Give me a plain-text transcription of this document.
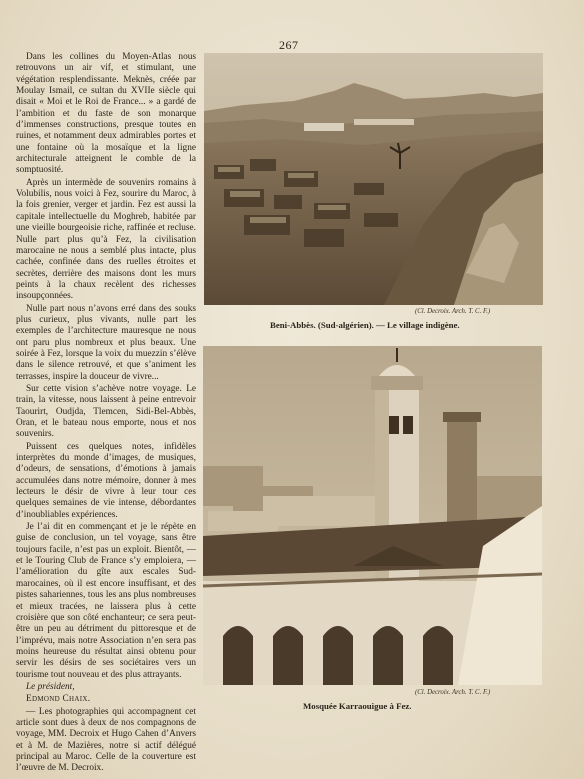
267

Dans les collines du Moyen-Atlas nous retrouvons un air vif, et stimulant, une végétation resplendissante. Meknès, créée par Moulay Ismail, ce sultan du XVIIe siècle qui disait « Moi et le Roi de France... » a gardé de l’ambition et du faste de son monarque d’immenses constructions, presque toutes en ruines, et notamment deux admirables portes et une fontaine où la mosaïque et la ligne architecturale atteignent le comble de la somptuosité.

Après un intermède de souvenirs romains à Volubilis, nous voici à Fez, sourire du Maroc, à la fois grenier, verger et jardin. Fez est aussi la capitale intellectuelle du Moghreb, habitée par une vieille bourgeoisie riche, raffinée et recluse. Nulle part plus qu’à Fez, la civilisation marocaine ne nous a semblé plus intacte, plus cachée, confinée dans des ruelles étroites et secrètes, derrière des maisons dont les murs peints à la chaux recèlent des richesses insoupçonnées.

Nulle part nous n’avons erré dans des souks plus curieux, plus vivants, nulle part les exemples de l’architecture mauresque ne nous ont paru plus nombreux et plus beaux. Une soirée à Fez, lorsque la voix du muezzin s’élève dans le silence retrouvé, et que s’animent les terrasses, inspire la douceur de vivre...

Sur cette vision s’achève notre voyage. Le train, la vitesse, nous laissent à peine entrevoir Taourirt, Oudjda, Tlemcen, Sidi-Bel-Abbès, Oran, et le bateau nous emporte, nous et nos souvenirs.

Puissent ces quelques notes, infidèles interprètes du monde d’images, de musiques, d’odeurs, de sensations, d’émotions à jamais accumulées dans notre mémoire, donner à mes lecteurs le désir de vivre à leur tour ces quelques semaines de vie intense, débordantes d’inoubliables expériences.

Je l’ai dit en commençant et je le répète en guise de conclusion, un tel voyage, sans être toujours facile, n’est pas un exploit. Bientôt, — et le Touring Club de France s’y emploiera, — l’amélioration du gîte aux escales Sud-marocaines, où il est encore insuffisant, et des pistes sahariennes, tous les ans plus nombreuses et mieux tracées, ne laissera plus à cette croisière que son côté enchanteur; ce sera peut-être un peu au détriment du pittoresque et de l’imprévu, mais notre Association n’en sera pas moins heureuse du résultat ainsi obtenu pour servir les désirs de ses sociétaires vers un tourisme tout nouveau et des plus attrayants.

Le président,

Edmond Chaix.

— Les photographies qui accompagnent cet article sont dues à deux de nos compagnons de voyage, MM. Decroix et Hugo Cahen d’Anvers et à M. de Mazières, notre si actif délégué principal au Maroc. Celle de la couverture est l’œuvre de M. Decroix.

(Cl. Decroix. Arch. T. C. F.)
Beni-Abbès. (Sud-algérien). — Le village indigène.
(Cl. Decroix. Arch. T. C. F.)
Mosquée Karraouigue à Fez.
